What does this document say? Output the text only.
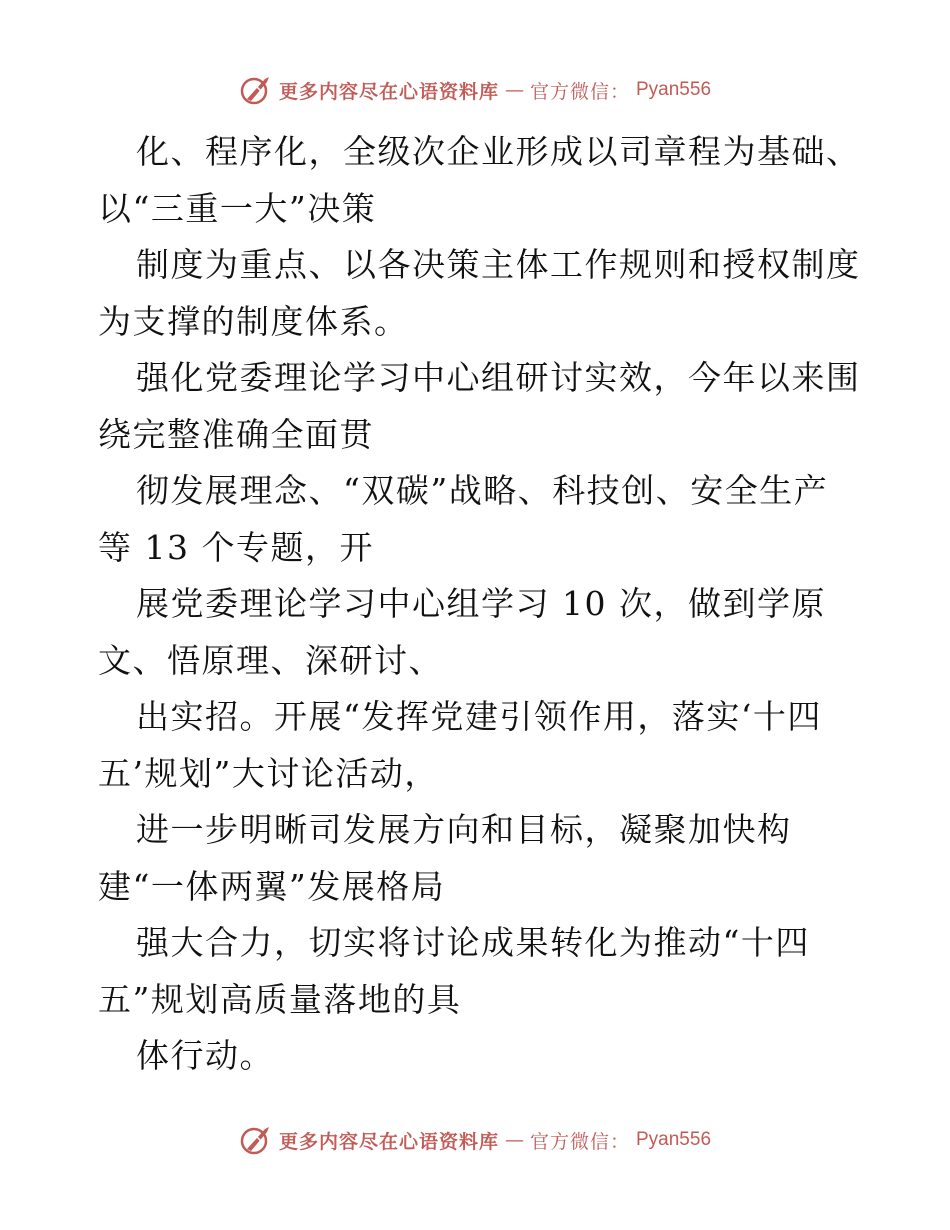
更多内容尽在心语资料库 — 官方微信： Pyan556
化、程序化，全级次企业形成以司章程为基础、
以“三重一大”决策
制度为重点、以各决策主体工作规则和授权制度
为支撑的制度体系。
强化党委理论学习中心组研讨实效，今年以来围
绕完整准确全面贯
彻发展理念、“双碳”战略、科技创、安全生产
等 13 个专题，开
展党委理论学习中心组学习 10 次，做到学原
文、悟原理、深研讨、
出实招。开展“发挥党建引领作用，落实‘十四
五’规划”大讨论活动，
进一步明晰司发展方向和目标，凝聚加快构
建“一体两翼”发展格局
强大合力，切实将讨论成果转化为推动“十四
五”规划高质量落地的具
体行动。
更多内容尽在心语资料库 — 官方微信： Pyan556
